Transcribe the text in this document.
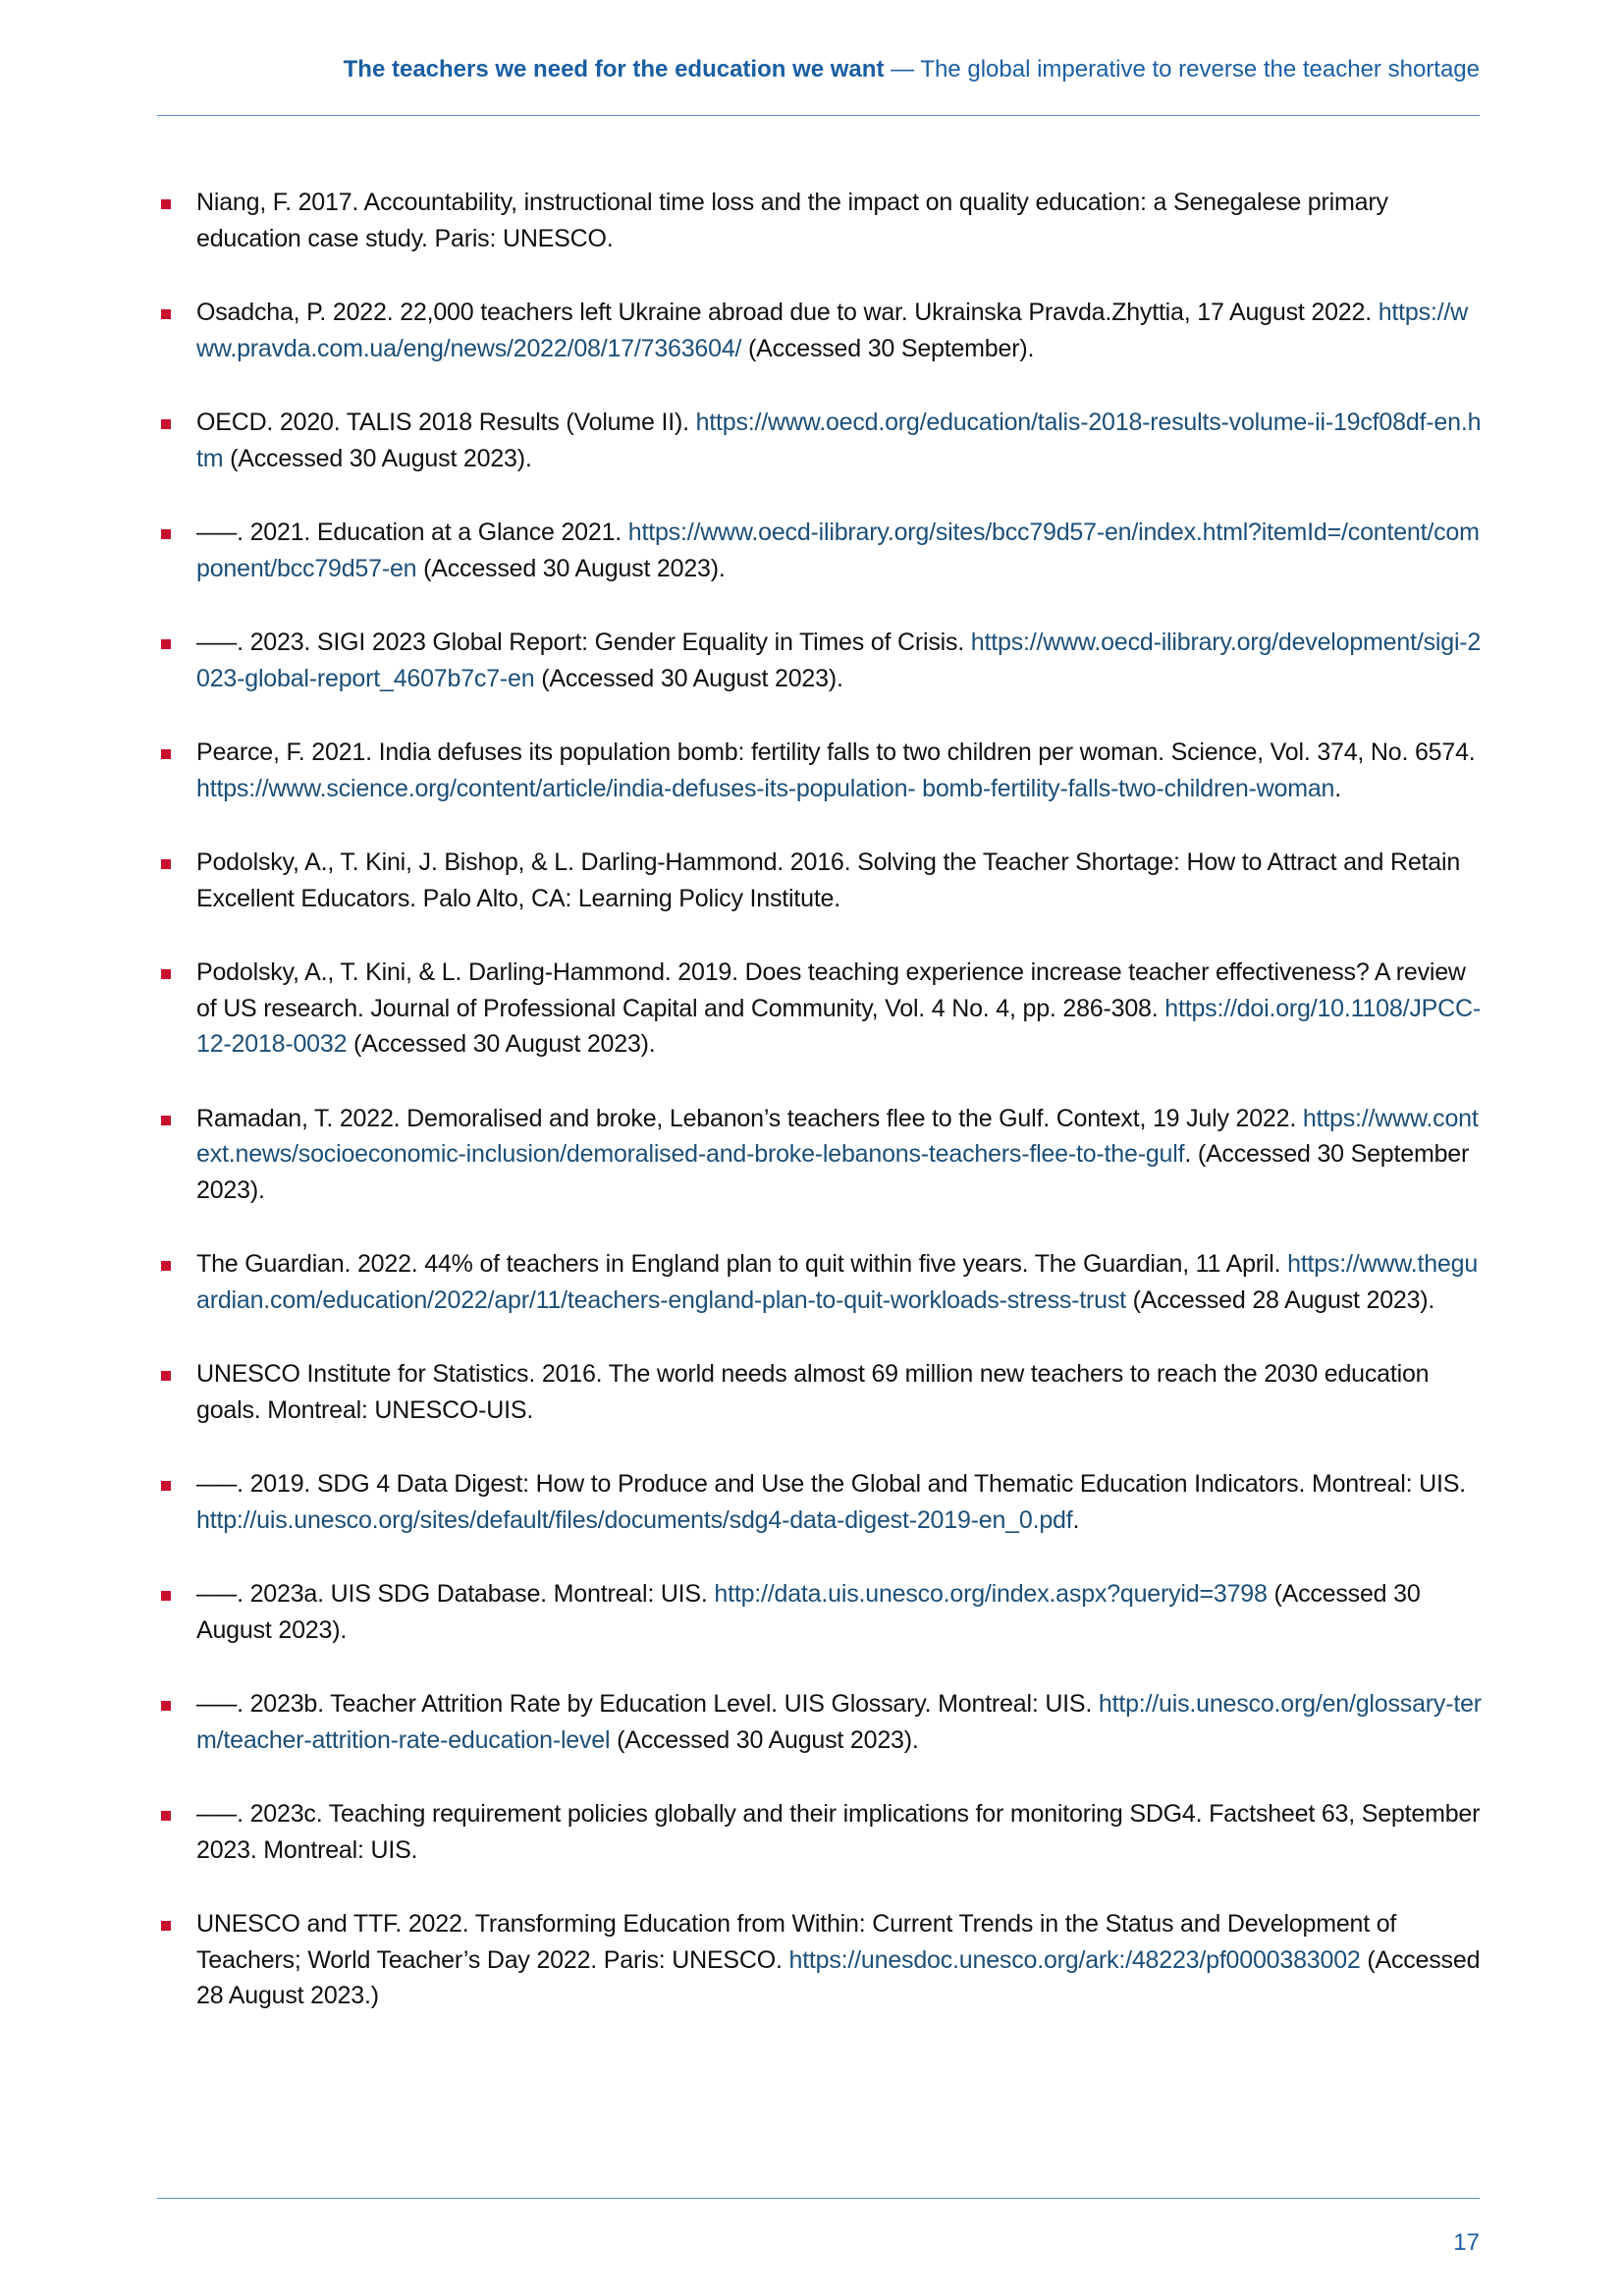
The teachers we need for the education we want — The global imperative to reverse the teacher shortage
Niang, F. 2017. Accountability, instructional time loss and the impact on quality education: a Senegalese primary education case study. Paris: UNESCO.
Osadcha, P. 2022. 22,000 teachers left Ukraine abroad due to war. Ukrainska Pravda.Zhyttia, 17 August 2022. https://www.pravda.com.ua/eng/news/2022/08/17/7363604/ (Accessed 30 September).
OECD. 2020. TALIS 2018 Results (Volume II). https://www.oecd.org/education/talis-2018-results-volume-ii-19cf08df-en.htm (Accessed 30 August 2023).
–––. 2021. Education at a Glance 2021. https://www.oecd-ilibrary.org/sites/bcc79d57-en/index.html?itemId=/content/component/bcc79d57-en (Accessed 30 August 2023).
–––. 2023. SIGI 2023 Global Report: Gender Equality in Times of Crisis. https://www.oecd-ilibrary.org/development/sigi-2023-global-report_4607b7c7-en (Accessed 30 August 2023).
Pearce, F. 2021. India defuses its population bomb: fertility falls to two children per woman. Science, Vol. 374, No. 6574. https://www.science.org/content/article/india-defuses-its-population- bomb-fertility-falls-two-children-woman.
Podolsky, A., T. Kini, J. Bishop, & L. Darling-Hammond. 2016. Solving the Teacher Shortage: How to Attract and Retain Excellent Educators. Palo Alto, CA: Learning Policy Institute.
Podolsky, A., T. Kini, & L. Darling-Hammond. 2019. Does teaching experience increase teacher effectiveness? A review of US research. Journal of Professional Capital and Community, Vol. 4 No. 4, pp. 286-308. https://doi.org/10.1108/JPCC-12-2018-0032 (Accessed 30 August 2023).
Ramadan, T. 2022. Demoralised and broke, Lebanon’s teachers flee to the Gulf. Context, 19 July 2022. https://www.context.news/socioeconomic-inclusion/demoralised-and-broke-lebanons-teachers-flee-to-the-gulf. (Accessed 30 September 2023).
The Guardian. 2022. 44% of teachers in England plan to quit within five years. The Guardian, 11 April. https://www.theguardian.com/education/2022/apr/11/teachers-england-plan-to-quit-workloads-stress-trust (Accessed 28 August 2023).
UNESCO Institute for Statistics. 2016. The world needs almost 69 million new teachers to reach the 2030 education goals. Montreal: UNESCO-UIS.
–––. 2019. SDG 4 Data Digest: How to Produce and Use the Global and Thematic Education Indicators. Montreal: UIS. http://uis.unesco.org/sites/default/files/documents/sdg4-data-digest-2019-en_0.pdf.
–––. 2023a. UIS SDG Database. Montreal: UIS. http://data.uis.unesco.org/index.aspx?queryid=3798 (Accessed 30 August 2023).
–––. 2023b. Teacher Attrition Rate by Education Level. UIS Glossary. Montreal: UIS. http://uis.unesco.org/en/glossary-term/teacher-attrition-rate-education-level (Accessed 30 August 2023).
–––. 2023c. Teaching requirement policies globally and their implications for monitoring SDG4. Factsheet 63, September 2023. Montreal: UIS.
UNESCO and TTF. 2022. Transforming Education from Within: Current Trends in the Status and Development of Teachers; World Teacher’s Day 2022. Paris: UNESCO. https://unesdoc.unesco.org/ark:/48223/pf0000383002 (Accessed 28 August 2023.)
17
